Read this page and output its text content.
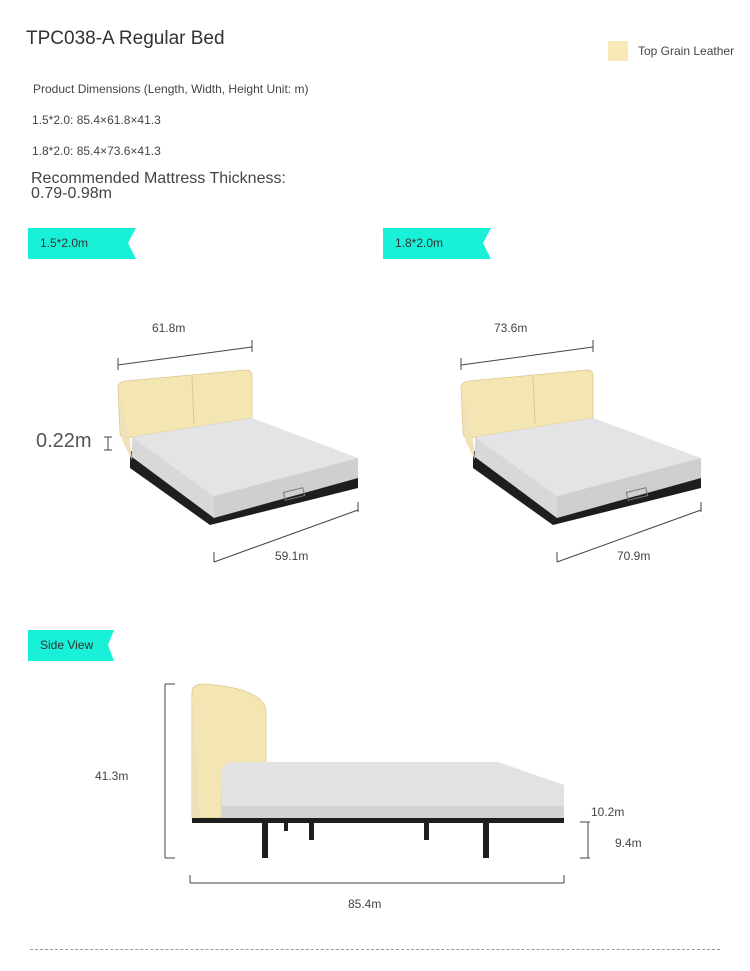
TPC038-A Regular Bed
Top Grain Leather
Product Dimensions (Length, Width, Height Unit: m)
1.5*2.0: 85.4×61.8×41.3
1.8*2.0: 85.4×73.6×41.3
Recommended Mattress Thickness:
0.79-0.98m
1.5*2.0m	1.8*2.0m
Side View
61.8m
59.1m
0.22m
73.6m
70.9m
41.3m
85.4m
10.2m
9.4m
